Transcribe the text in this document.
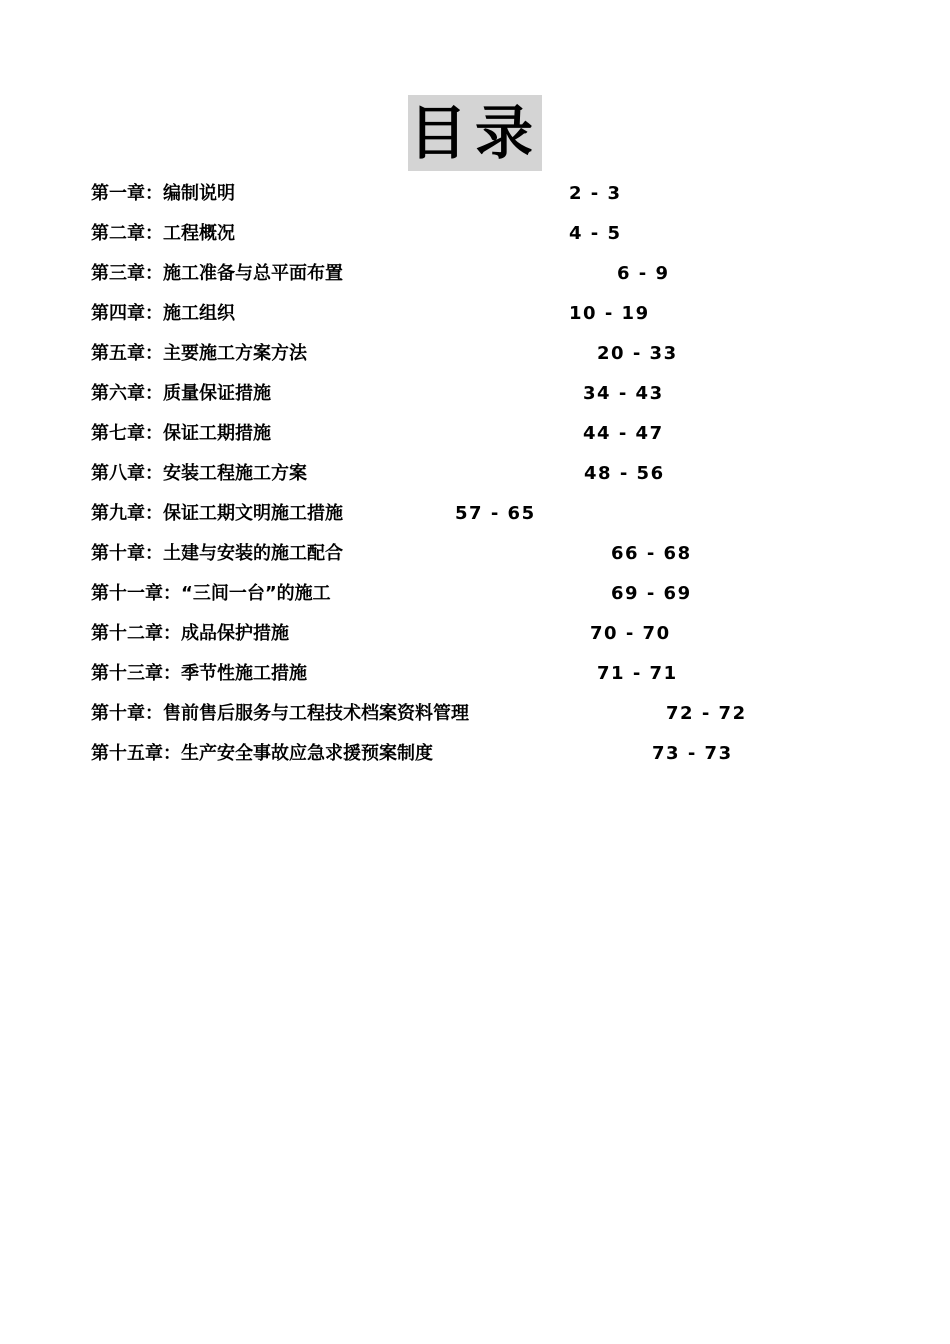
目录
第一章：编制说明	2 - 3
第二章：工程概况	4 - 5
第三章：施工准备与总平面布置	6 - 9
第四章：施工组织	10 - 19
第五章：主要施工方案方法	20 - 33
第六章：质量保证措施	34 - 43
第七章：保证工期措施	44 - 47
第八章：安装工程施工方案	48 - 56
第九章：保证工期文明施工措施	57 - 65
第十章：土建与安装的施工配合	66 - 68
第十一章：“三间一台”的施工	69 - 69
第十二章：成品保护措施	70 - 70
第十三章：季节性施工措施	71 - 71
第十章：售前售后服务与工程技术档案资料管理	72 - 72
第十五章：生产安全事故应急求援预案制度	73 - 73
